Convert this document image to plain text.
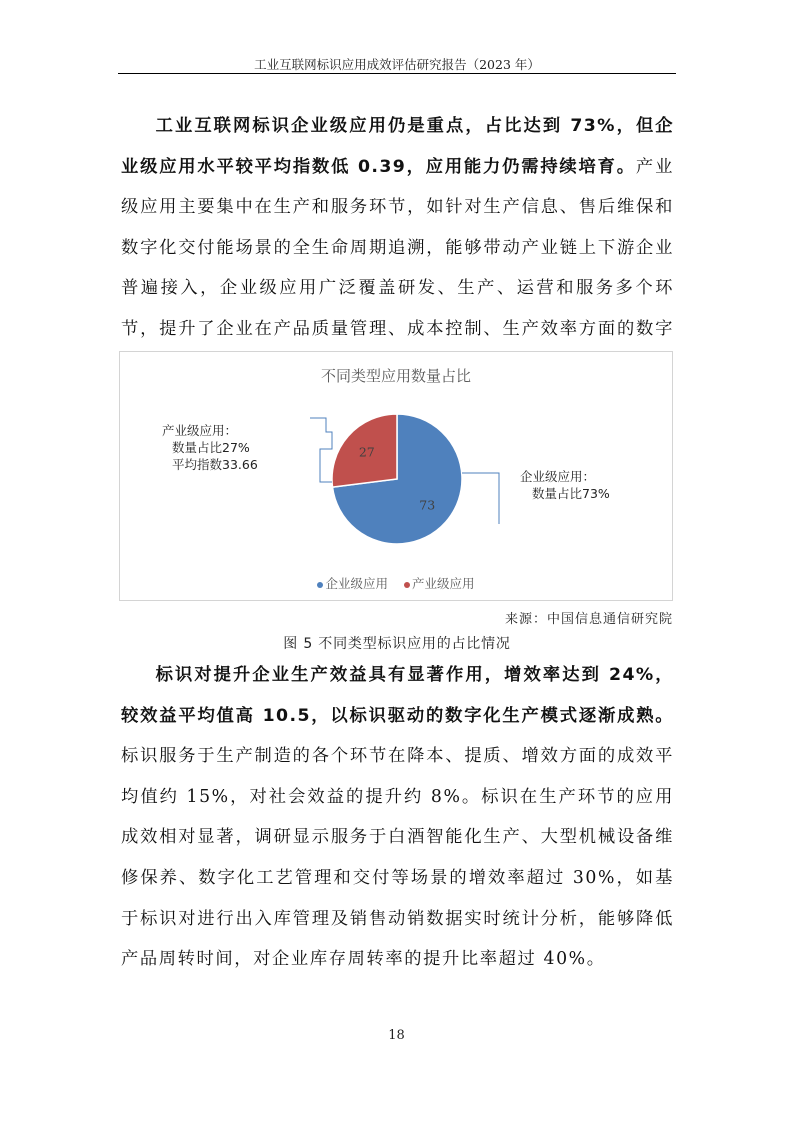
工业互联网标识应用成效评估研究报告（2023 年）

工业互联网标识企业级应用仍是重点，占比达到 73%，但企业级应用水平较平均指数低 0.39，应用能力仍需持续培育。产业级应用主要集中在生产和服务环节，如针对生产信息、售后维保和数字化交付能场景的全生命周期追溯，能够带动产业链上下游企业普遍接入，企业级应用广泛覆盖研发、生产、运营和服务多个环节，提升了企业在产品质量管理、成本控制、生产效率方面的数字

不同类型应用数量占比
73
27
产业级应用：
数量占比27%
平均指数33.66
企业级应用：
数量占比73%
企业级应用 产业级应用
来源：中国信息通信研究院
图 5 不同类型标识应用的占比情况

标识对提升企业生产效益具有显著作用，增效率达到 24%，较效益平均值高 10.5，以标识驱动的数字化生产模式逐渐成熟。标识服务于生产制造的各个环节在降本、提质、增效方面的成效平均值约 15%，对社会效益的提升约 8%。标识在生产环节的应用成效相对显著，调研显示服务于白酒智能化生产、大型机械设备维修保养、数字化工艺管理和交付等场景的增效率超过 30%，如基于标识对进行出入库管理及销售动销数据实时统计分析，能够降低产品周转时间，对企业库存周转率的提升比率超过 40%。

18
